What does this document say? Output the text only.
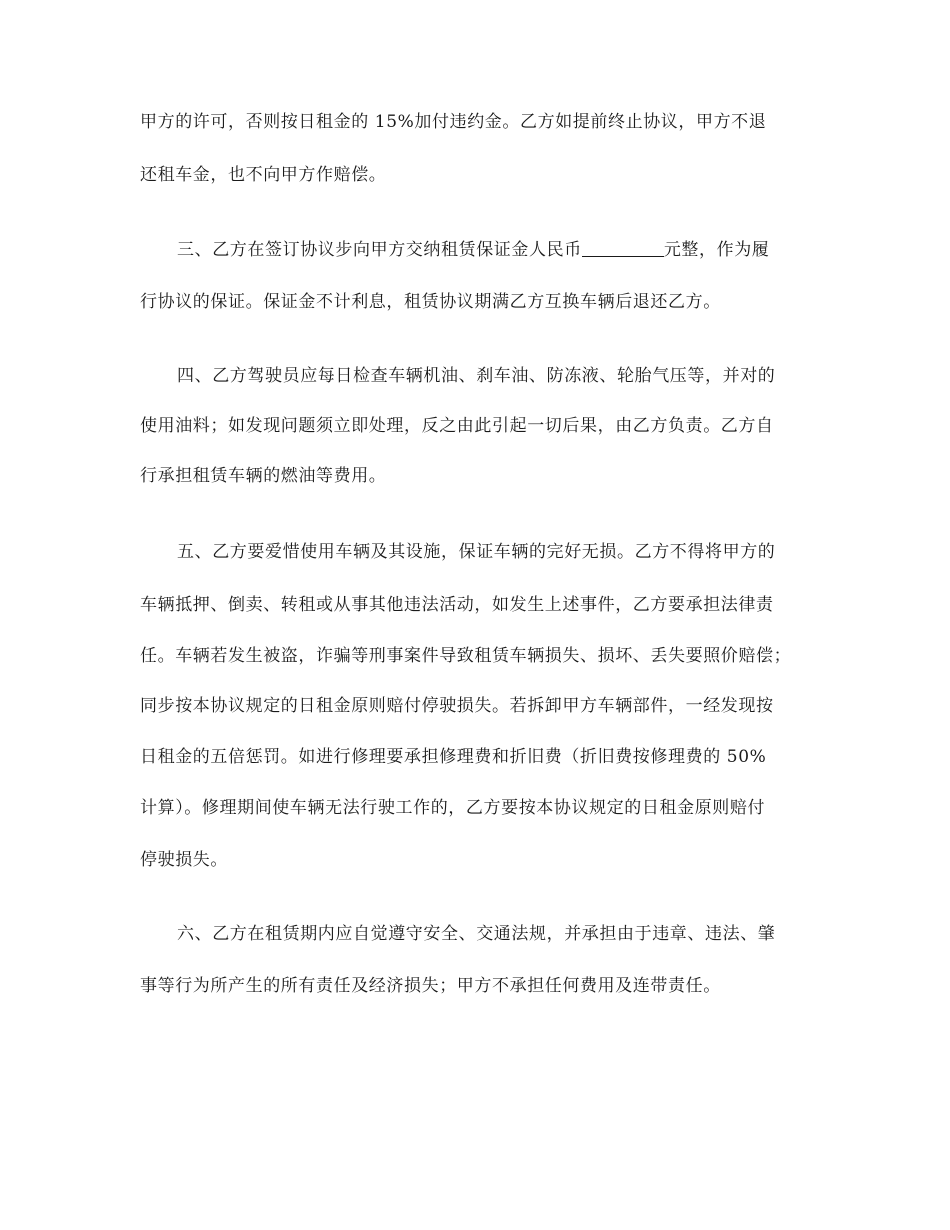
甲方的许可，否则按日租金的 15%加付违约金。乙方如提前终止协议，甲方不退

还租车金，也不向甲方作赔偿。

三、乙方在签订协议步向甲方交纳租赁保证金人民币	元整，作为履

行协议的保证。保证金不计利息，租赁协议期满乙方互换车辆后退还乙方。

四、乙方驾驶员应每日检查车辆机油、刹车油、防冻液、轮胎气压等，并对的

使用油料；如发现问题须立即处理，反之由此引起一切后果，由乙方负责。乙方自

行承担租赁车辆的燃油等费用。

五、乙方要爱惜使用车辆及其设施，保证车辆的完好无损。乙方不得将甲方的

车辆抵押、倒卖、转租或从事其他违法活动，如发生上述事件，乙方要承担法律责

任。车辆若发生被盗，诈骗等刑事案件导致租赁车辆损失、损坏、丢失要照价赔偿；

同步按本协议规定的日租金原则赔付停驶损失。若拆卸甲方车辆部件，一经发现按

日租金的五倍惩罚。如进行修理要承担修理费和折旧费（折旧费按修理费的 50%

计算）。修理期间使车辆无法行驶工作的，乙方要按本协议规定的日租金原则赔付

停驶损失。

六、乙方在租赁期内应自觉遵守安全、交通法规，并承担由于违章、违法、肇

事等行为所产生的所有责任及经济损失；甲方不承担任何费用及连带责任。
